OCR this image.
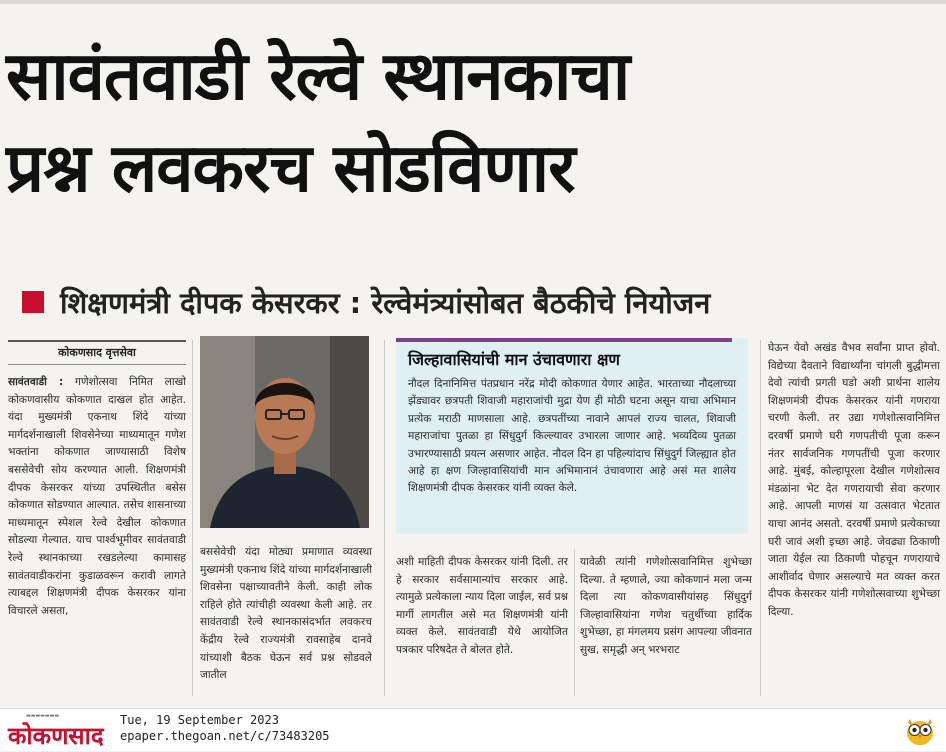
सावंतवाडी रेल्वे स्थानकाचा
प्रश्न लवकरच सोडविणार
शिक्षणमंत्री दीपक केसरकर : रेल्वेमंत्र्यांसोबत बैठकीचे नियोजन
कोकणसाद वृत्तसेवा
सावंतवाडी : गणेशोत्सवा निमित लाखो कोकणवासीय कोकणात दाखल होत आहेत. यंदा मुख्यमंत्री एकनाथ शिंदे यांच्या मार्गदर्शनाखाली शिवसेनेच्या माध्यमातून गणेश भक्तांना कोकणात जाण्यासाठी विशेष बससेवेची सोय करण्यात आली. शिक्षणमंत्री दीपक केसरकर यांच्या उपस्थितीत बसेस कोकणात सोडण्यात आल्यात. तसेच शासनाच्या माध्यमातून स्पेशल रेल्वे देखील कोकणात सोडल्या गेल्यात. याच पार्श्वभूमीवर सावंतवाडी रेल्वे स्थानकाच्या रखडलेल्या कामासह सावंतवाडीकरांना कुडाळवरून करावी लागते त्याबद्दल शिक्षणमंत्री दीपक केसरकर यांना विचारले असता,
बससेवेची यंदा मोठ्या प्रमाणात व्यवस्था मुख्यमंत्री एकनाथ शिंदे यांच्या मार्गदर्शनाखाली शिवसेना पक्षाच्यावतीने केली. काही लोक राहिले होते त्यांचीही व्यवस्था केली आहे. तर सावंतवाडी रेल्वे स्थानकासंदर्भात लवकरच केंद्रीय रेल्वे राज्यमंत्री रावसाहेब दानवे यांच्याशी बैठक घेऊन सर्व प्रश्न सोडवले जातील
जिल्हावासियांची मान उंचावणारा क्षण
नौदल दिनानिमित्त पंतप्रधान नरेंद्र मोदी कोकणात येणार आहेत. भारताच्या नौदलाच्या झेंड्यावर छत्रपती शिवाजी महाराजांची मुद्रा येण ही मोठी घटना असून याचा अभिमान प्रत्येक मराठी माणसाला आहे. छत्रपतींच्या नावाने आपलं राज्य चालत, शिवाजी महाराजांचा पुतळा हा सिंधुदुर्ग किल्ल्यावर उभारला जाणार आहे. भव्यदिव्य पुतळा उभारण्यासाठी प्रयत्न असणार आहेत. नौदल दिन हा पहिल्यांदाच सिंधुदुर्ग जिल्ह्यात होत आहे हा क्षण जिल्हावासियांची मान अभिमानानं उंचावणारा आहे असं मत शालेय शिक्षणमंत्री दीपक केसरकर यांनी व्यक्त केले.
अशी माहिती दीपक केसरकर यांनी दिली. तर हे सरकार सर्वसामान्यांच सरकार आहे. त्यामुळे प्रत्येकाला न्याय दिला जाईल, सर्व प्रश्न मार्गी लागतील असे मत शिक्षणमंत्री यांनी व्यक्त केले. सावंतवाडी येथे आयोजित पत्रकार परिषदेत ते बोलत होते.
यावेळी त्यांनी गणेशोत्सवानिमित्त शुभेच्छा दिल्या. ते म्हणाले, ज्या कोकणानं मला जन्म दिला त्या कोकणवासीयांसह सिंधुदुर्ग जिल्हावासियांना गणेश चतुर्थीच्या हार्दिक शुभेच्छा, हा मंगलमय प्रसंग आपल्या जीवनात सुख, समृद्धी अन् भरभराट
घेऊन येवो अखंड वैभव सर्वांना प्राप्त होवो. विद्येच्या दैवताने विद्यार्थ्यांना चांगली बुद्धीमत्ता देवो त्यांची प्रगती घडो अशी प्रार्थना शालेय शिक्षणमंत्री दीपक केसरकर यांनी गणराया चरणी केली. तर उद्या गणेशोत्सवानिमित्त दरवर्षी प्रमाणे घरी गणपतीची पूजा करून नंतर सार्वजनिक गणपतींची पूजा करणार आहे. मुंबई, कोल्हापूरला देखील गणेशोत्सव मंडळांना भेट देत गणरायाची सेवा करणार आहे. आपली माणसं या उत्सवात भेटतात याचा आनंद असतो. दरवर्षी प्रमाणे प्रत्येकाच्या घरी जावं अशी इच्छा आहे. जेवढ्या ठिकाणी जाता येईल त्या ठिकाणी पोहचून गणरायाचे आशीर्वाद घेणार असल्याचे मत व्यक्त करत दीपक केसरकर यांनी गणेशोत्सवाच्या शुभेच्छा दिल्या.
▬▬▬▬▬▬▬
कोकणसाद
Tue, 19 September 2023
epaper.thegoan.net/c/73483205
